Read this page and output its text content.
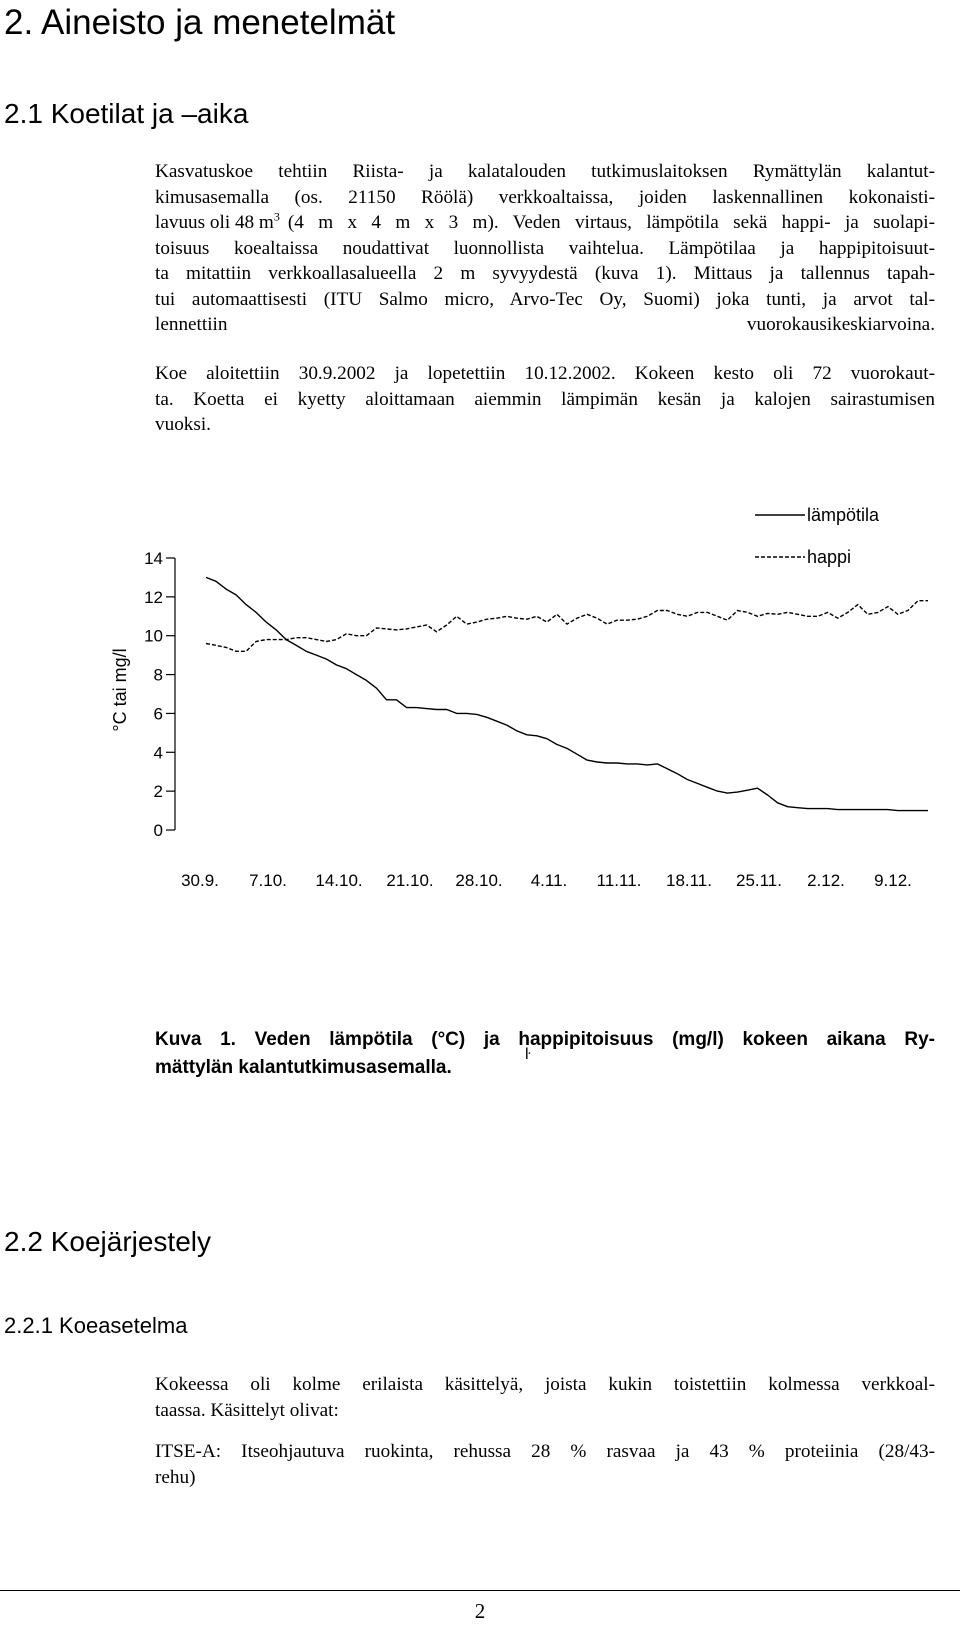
2. Aineisto ja menetelmät
2.1 Koetilat ja –aika
Kasvatuskoe tehtiin Riista- ja kalatalouden tutkimuslaitoksen Rymättylän kalantut-
kimusasemalla (os. 21150 Röölä) verkkoaltaissa, joiden laskennallinen kokonaisti-
lavuus oli 48 $m^3$ (4 m x 4 m x 3 m). Veden virtaus, lämpötila sekä happi- ja suolapi-
toisuus koealtaissa noudattivat luonnollista vaihtelua. Lämpötilaa ja happipitoisuut-
ta mitattiin verkkoallasalueella 2 m syvyydestä (kuva 1). Mittaus ja tallennus tapah-
tui automaattisesti (ITU Salmo micro, Arvo-Tec Oy, Suomi) joka tunti, ja arvot tal-
lennettiin vuorokausikeskiarvoina.
Koe aloitettiin 30.9.2002 ja lopetettiin 10.12.2002. Kokeen kesto oli 72 vuorokaut-
ta. Koetta ei kyetty aloittamaan aiemmin lämpimän kesän ja kalojen sairastumisen
vuoksi.
14
12
10
8
6
4
2
0
30.9. 7.10. 14.10. 21.10. 28.10. 4.11. 11.11. 18.11. 25.11. 2.12. 9.12.
lämpötila
happi
°C tai mg/l
Kuva 1. Veden lämpötila (°C) ja happipitoisuus (mg/l) kokeen aikana Ry-
mättylän kalantutkimusasemalla.
ŀ
2.2 Koejärjestely
2.2.1 Koeasetelma
Kokeessa oli kolme erilaista käsittelyä, joista kukin toistettiin kolmessa verkkoal-
taassa. Käsittelyt olivat:
ITSE-A: Itseohjautuva ruokinta, rehussa 28 % rasvaa ja 43 % proteiinia (28/43-
rehu)
2
